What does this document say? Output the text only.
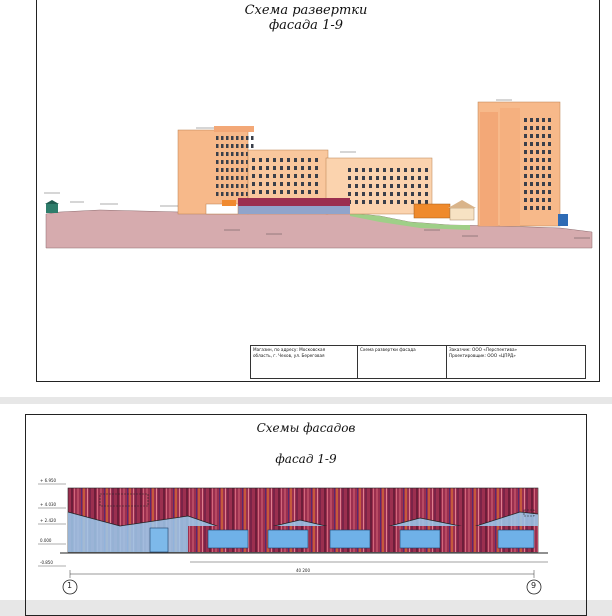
Схема развертки
фасада 1-9
Магазин, по адресу: Московская
область, г. Чехов, ул. Береговая
Схема развертки фасада	Заказчик: ООО «Перспектива»
Проектировщик: ООО «ЦПРД»
Схемы фасадов
фасад 1-9
+ 6.950
+ 4.030
+ 2.420
0.000
-0.850
40 200
1	9
